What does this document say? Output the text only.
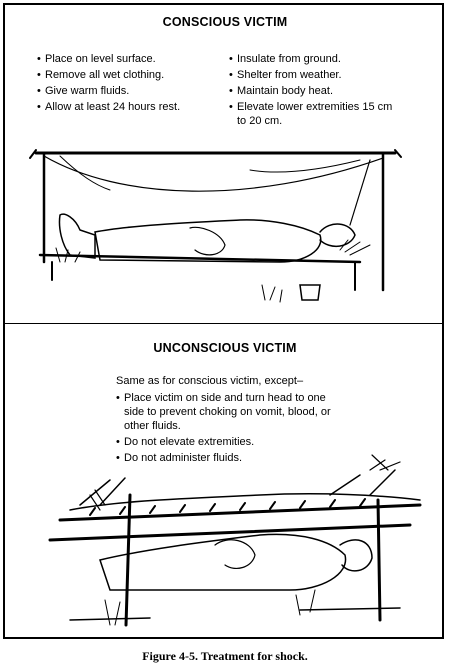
CONSCIOUS VICTIM
• Place on level surface.
• Remove all wet clothing.
• Give warm fluids.
• Allow at least 24 hours rest.
• Insulate from ground.
• Shelter from weather.
• Maintain body heat.
• Elevate lower extremities 15 cm to 20 cm.
UNCONSCIOUS VICTIM
Same as for conscious victim, except–
• Place victim on side and turn head to one side to prevent choking on vomit, blood, or other fluids.
• Do not elevate extremities.
• Do not administer fluids.
Figure 4-5. Treatment for shock.
